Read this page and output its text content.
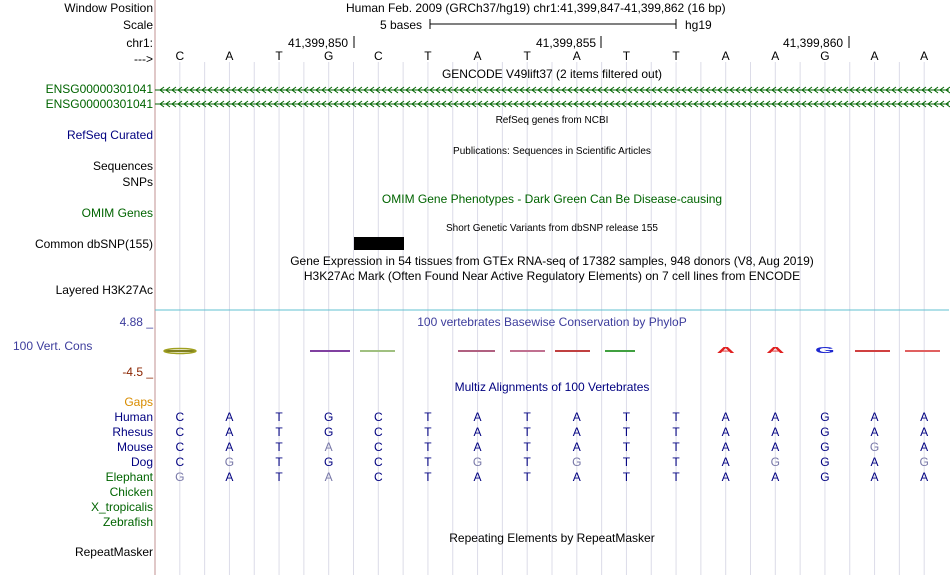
A A G
Window Position	Human Feb. 2009 (GRCh37/hg19) chr1:41,399,847-41,399,862 (16 bp)
Scale	5 bases	hg19
chr1:	41,399,850	41,399,855	41,399,860
--->	C	A	T	G	C	T	A	T	A	T	T	A	A	G	A	A
GENCODE V49lift37 (2 items filtered out)
ENSG00000301041
ENSG00000301041
RefSeq genes from NCBI
RefSeq Curated
Publications: Sequences in Scientific Articles
Sequences
SNPs
OMIM Gene Phenotypes - Dark Green Can Be Disease-causing
OMIM Genes
Short Genetic Variants from dbSNP release 155
Common dbSNP(155)
Gene Expression in 54 tissues from GTEx RNA-seq of 17382 samples, 948 donors (V8, Aug 2019)
H3K27Ac Mark (Often Found Near Active Regulatory Elements) on 7 cell lines from ENCODE
Layered H3K27Ac
4.88 _	100 vertebrates Basewise Conservation by PhyloP
100 Vert. Cons
-4.5 _
Multiz Alignments of 100 Vertebrates
Gaps
Human	C	A	T	G	C	T	A	T	A	T	T	A	A	G	A	A
Rhesus	C	A	T	G	C	T	A	T	A	T	T	A	A	G	A	A
Mouse	C	A	T	A	C	T	A	T	A	T	T	A	A	G	G	A
Dog	C	G	T	G	C	T	G	T	G	T	T	A	G	G	A	G
Elephant	G	A	T	A	C	T	A	T	A	T	T	A	A	G	A	A
Chicken
X_tropicalis
Zebrafish
Repeating Elements by RepeatMasker
RepeatMasker
